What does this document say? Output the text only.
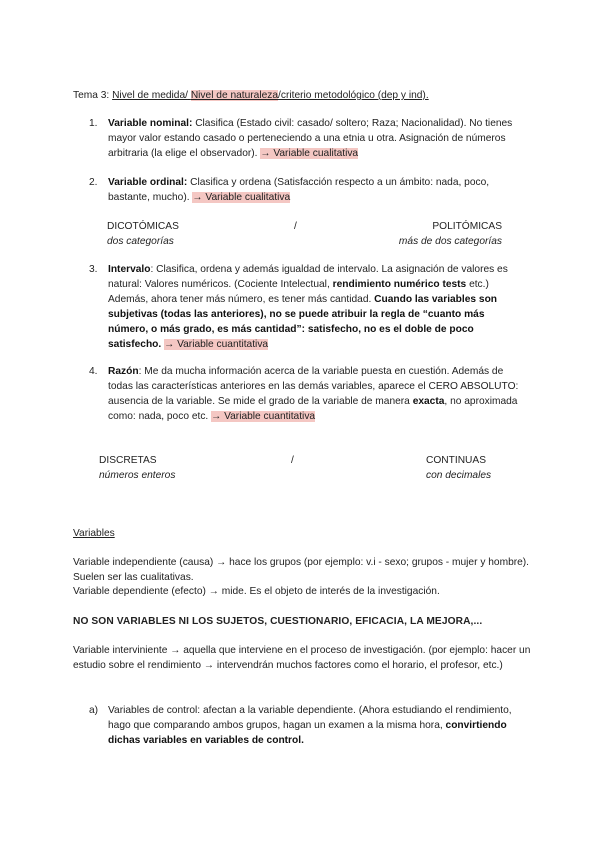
Tema 3: Nivel de medida/ Nivel de naturaleza/criterio metodológico (dep y ind).
1. Variable nominal: Clasifica (Estado civil: casado/ soltero; Raza; Nacionalidad). No tienes mayor valor estando casado o perteneciendo a una etnia u otra. Asignación de números arbitraria (la elige el observador). → Variable cualitativa
2. Variable ordinal: Clasifica y ordena (Satisfacción respecto a un ámbito: nada, poco, bastante, mucho). → Variable cualitativa
DICOTÓMICAS
dos categorías
/	POLITÓMICAS
más de dos categorías
3. Intervalo: Clasifica, ordena y además igualdad de intervalo. La asignación de valores es natural: Valores numéricos. (Cociente Intelectual, rendimiento numérico tests etc.) Además, ahora tener más número, es tener más cantidad. Cuando las variables son subjetivas (todas las anteriores), no se puede atribuir la regla de “cuanto más número, o más grado, es más cantidad”: satisfecho, no es el doble de poco satisfecho. → Variable cuantitativa
4. Razón: Me da mucha información acerca de la variable puesta en cuestión. Además de todas las características anteriores en las demás variables, aparece el CERO ABSOLUTO: ausencia de la variable. Se mide el grado de la variable de manera exacta, no aproximada como: nada, poco etc. → Variable cuantitativa
DISCRETAS
números enteros
/	CONTINUAS
con decimales
Variables
Variable independiente (causa) → hace los grupos (por ejemplo: v.i - sexo; grupos - mujer y hombre). Suelen ser las cualitativas.
Variable dependiente (efecto) → mide. Es el objeto de interés de la investigación.
NO SON VARIABLES NI LOS SUJETOS, CUESTIONARIO, EFICACIA, LA MEJORA,...
Variable interviniente → aquella que interviene en el proceso de investigación. (por ejemplo: hacer un estudio sobre el rendimiento → intervendrán muchos factores como el horario, el profesor, etc.)
a) Variables de control: afectan a la variable dependiente. (Ahora estudiando el rendimiento, hago que comparando ambos grupos, hagan un examen a la misma hora, convirtiendo dichas variables en variables de control.
